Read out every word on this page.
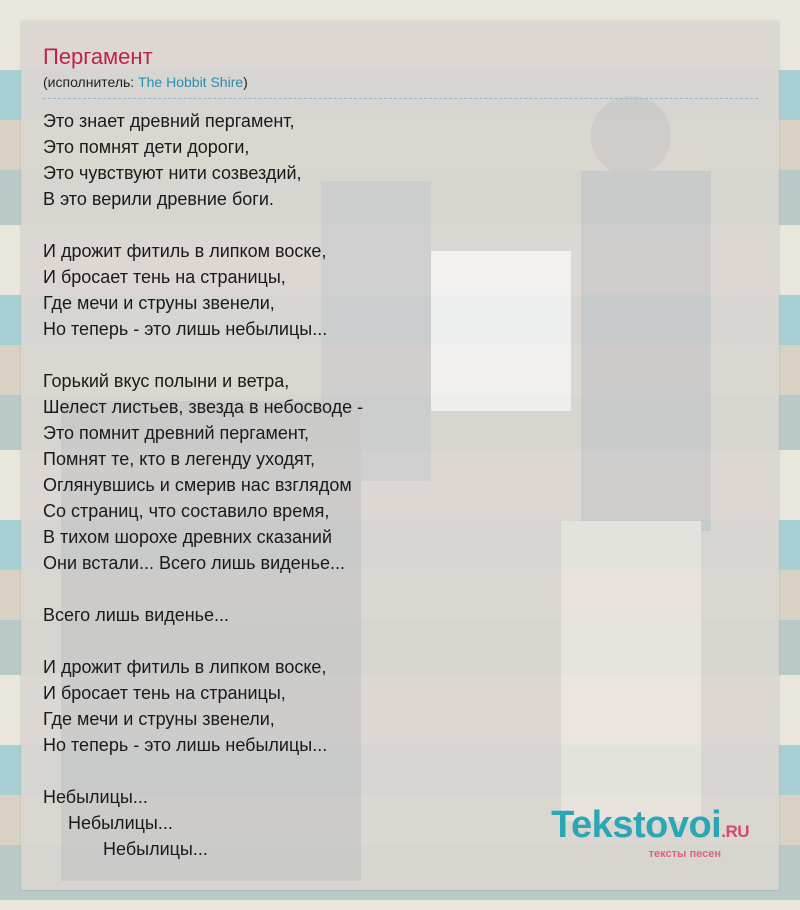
Пергамент
(исполнитель: The Hobbit Shire)
Это знает древний пергамент,
Это помнят дети дороги,
Это чувствуют нити созвездий,
В это верили древние боги.
И дрожит фитиль в липком воске,
И бросает тень на страницы,
Где мечи и струны звенели,
Но теперь - это лишь небылицы...
Горький вкус полыни и ветра,
Шелест листьев, звезда в небосводе -
Это помнит древний пергамент,
Помнят те, кто в легенду уходят,
Оглянувшись и смерив нас взглядом
Со страниц, что составило время,
В тихом шорохе древних сказаний
Они встали... Всего лишь виденье...
Всего лишь виденье...
И дрожит фитиль в липком воске,
И бросает тень на страницы,
Где мечи и струны звенели,
Но теперь - это лишь небылицы...
Небылицы...
Небылицы...
Небылицы...
Tekstovoi.RU
тексты песен
